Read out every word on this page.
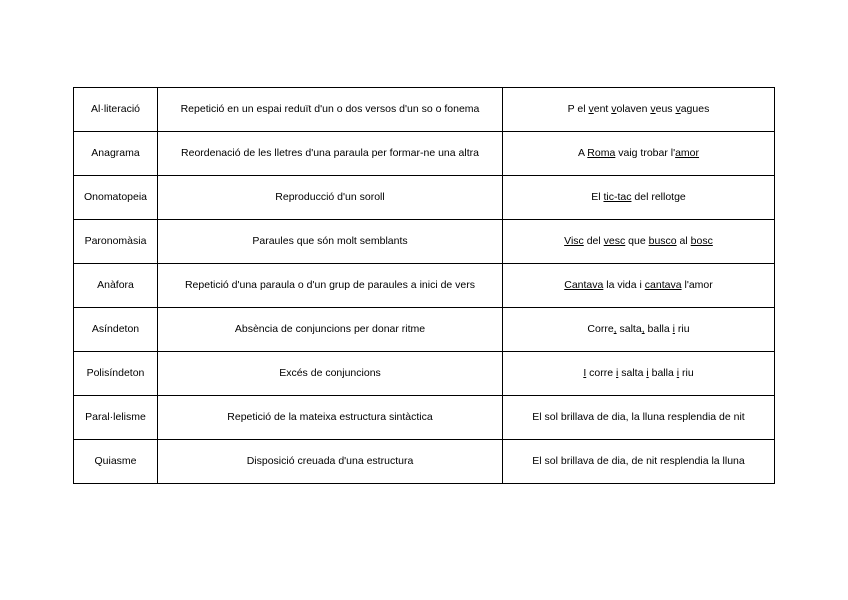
Al·literació	Repetició en un espai reduït d'un o dos versos d'un so o fonema	P el vent volaven veus vagues
Anagrama	Reordenació de les lletres d'una paraula per formar-ne una altra	A Roma vaig trobar l'amor
Onomatopeia	Reproducció d'un soroll	El tic-tac del rellotge
Paronomàsia	Paraules que són molt semblants	Visc del vesc que busco al bosc
Anàfora	Repetició d'una paraula o d'un grup de paraules a inici de vers	Cantava la vida i cantava l'amor
Asíndeton	Absència de conjuncions per donar ritme	Corre, salta, balla i riu
Polisíndeton	Excés de conjuncions	I corre i salta i balla i riu
Paral·lelisme	Repetició de la mateixa estructura sintàctica	El sol brillava de dia, la lluna resplendia de nit
Quiasme	Disposició creuada d'una estructura	El sol brillava de dia, de nit resplendia la lluna
